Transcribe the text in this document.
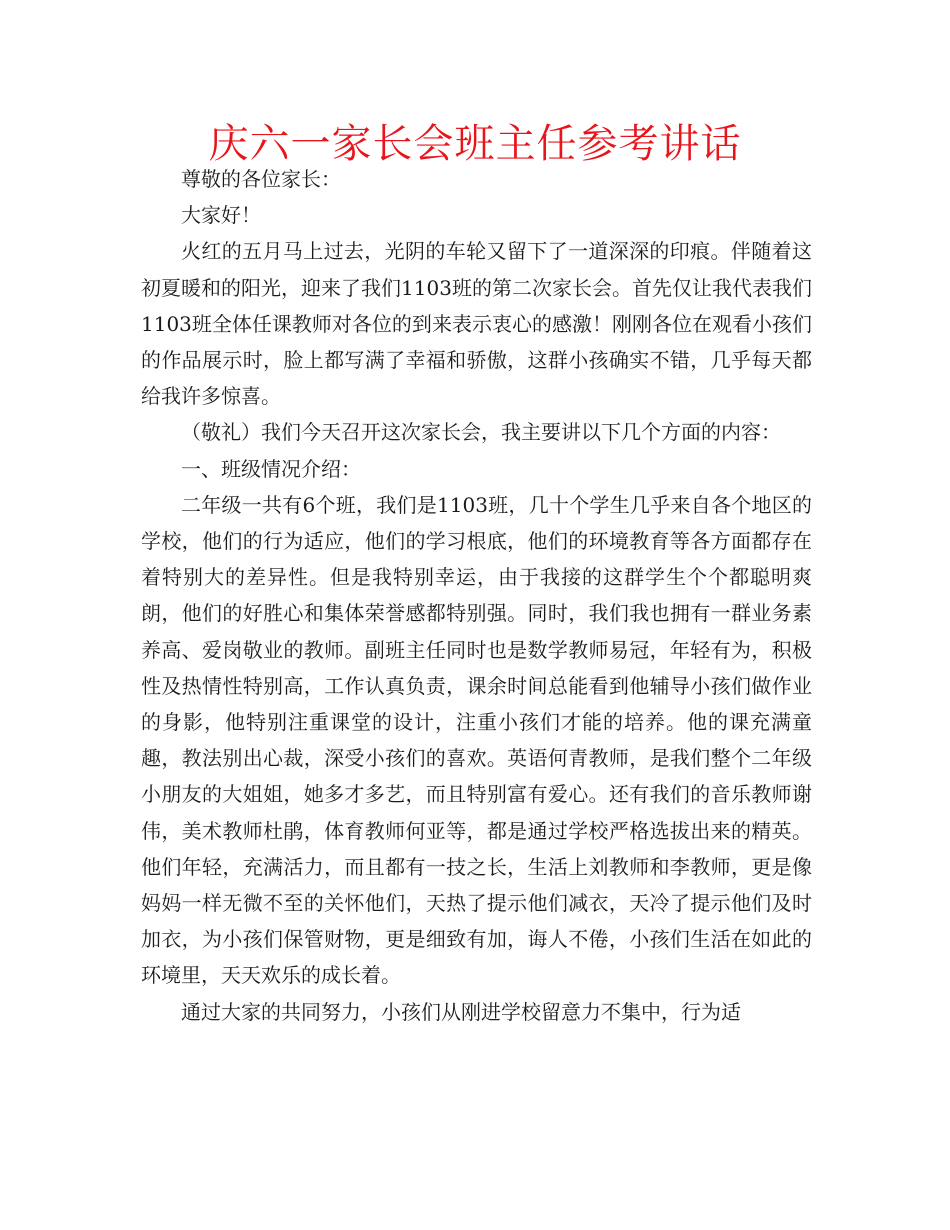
庆六一家长会班主任参考讲话

尊敬的各位家长：

大家好！

火红的五月马上过去，光阴的车轮又留下了一道深深的印痕。伴随着这初夏暖和的阳光，迎来了我们1103班的第二次家长会。首先仅让我代表我们1103班全体任课教师对各位的到来表示衷心的感激！刚刚各位在观看小孩们的作品展示时，脸上都写满了幸福和骄傲，这群小孩确实不错，几乎每天都给我许多惊喜。

（敬礼）我们今天召开这次家长会，我主要讲以下几个方面的内容：

一、班级情况介绍：

二年级一共有6个班，我们是1103班，几十个学生几乎来自各个地区的学校，他们的行为适应，他们的学习根底，他们的环境教育等各方面都存在着特别大的差异性。但是我特别幸运，由于我接的这群学生个个都聪明爽朗，他们的好胜心和集体荣誉感都特别强。同时，我们我也拥有一群业务素养高、爱岗敬业的教师。副班主任同时也是数学教师易冠，年轻有为，积极性及热情性特别高，工作认真负责，课余时间总能看到他辅导小孩们做作业的身影，他特别注重课堂的设计，注重小孩们才能的培养。他的课充满童趣，教法别出心裁，深受小孩们的喜欢。英语何青教师，是我们整个二年级小朋友的大姐姐，她多才多艺，而且特别富有爱心。还有我们的音乐教师谢伟，美术教师杜鹃，体育教师何亚等，都是通过学校严格选拔出来的精英。他们年轻，充满活力，而且都有一技之长，生活上刘教师和李教师，更是像妈妈一样无微不至的关怀他们，天热了提示他们减衣，天冷了提示他们及时加衣，为小孩们保管财物，更是细致有加，诲人不倦，小孩们生活在如此的环境里，天天欢乐的成长着。

通过大家的共同努力，小孩们从刚进学校留意力不集中，行为适
